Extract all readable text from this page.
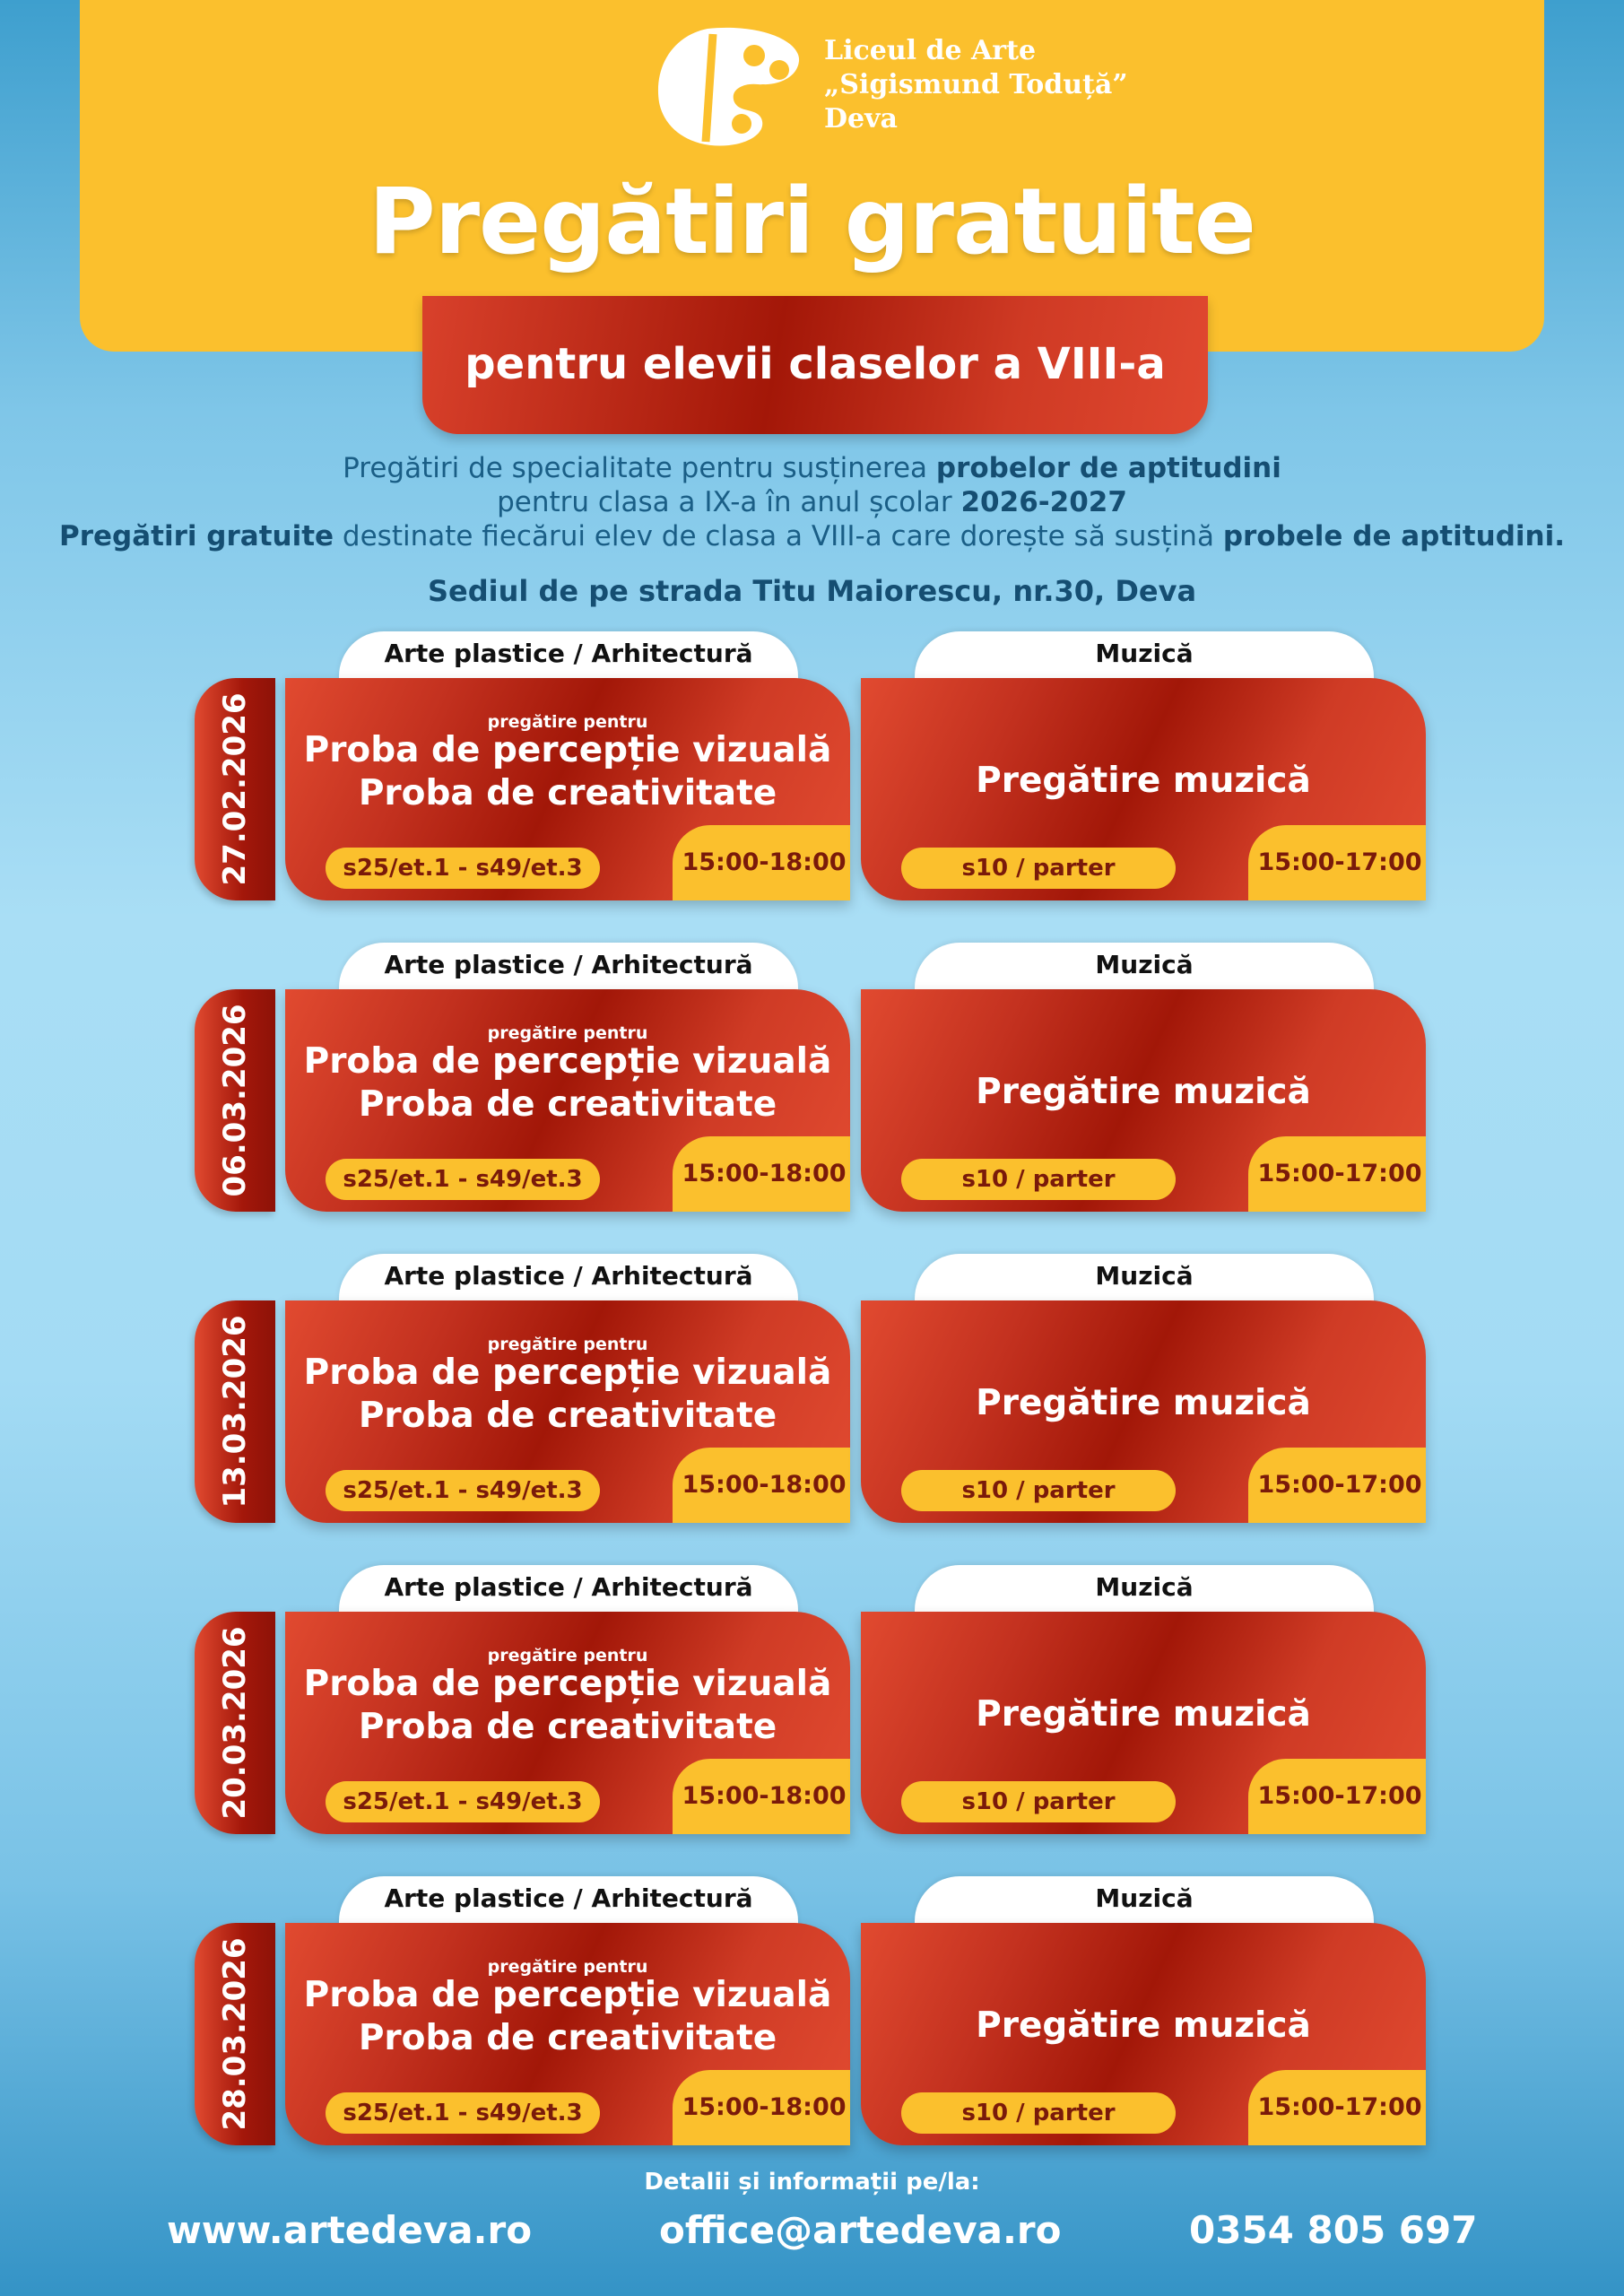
Liceul de Arte
„Sigismund Toduță”
Deva
Pregătiri gratuite
pentru elevii claselor a VIII-a
Pregătiri de specialitate pentru susținerea probelor de aptitudini
pentru clasa a IX-a în anul școlar 2026-2027
Pregătiri gratuite destinate fiecărui elev de clasa a VIII-a care dorește să susțină probele de aptitudini.
Sediul de pe strada Titu Maiorescu, nr.30, Deva
27.02.2026
Arte plastice / Arhitectură	Muzică
pregătire pentru
Proba de percepție vizuală
Proba de creativitate
s25/et.1 - s49/et.3	15:00-18:00
Pregătire muzică
s10 / parter	15:00-17:00
06.03.2026
Arte plastice / Arhitectură	Muzică
pregătire pentru
Proba de percepție vizuală
Proba de creativitate
s25/et.1 - s49/et.3	15:00-18:00
Pregătire muzică
s10 / parter	15:00-17:00
13.03.2026
Arte plastice / Arhitectură	Muzică
pregătire pentru
Proba de percepție vizuală
Proba de creativitate
s25/et.1 - s49/et.3	15:00-18:00
Pregătire muzică
s10 / parter	15:00-17:00
20.03.2026
Arte plastice / Arhitectură	Muzică
pregătire pentru
Proba de percepție vizuală
Proba de creativitate
s25/et.1 - s49/et.3	15:00-18:00
Pregătire muzică
s10 / parter	15:00-17:00
28.03.2026
Arte plastice / Arhitectură	Muzică
pregătire pentru
Proba de percepție vizuală
Proba de creativitate
s25/et.1 - s49/et.3	15:00-18:00
Pregătire muzică
s10 / parter	15:00-17:00
Detalii și informații pe/la:
www.artedeva.ro	office@artedeva.ro	0354 805 697
